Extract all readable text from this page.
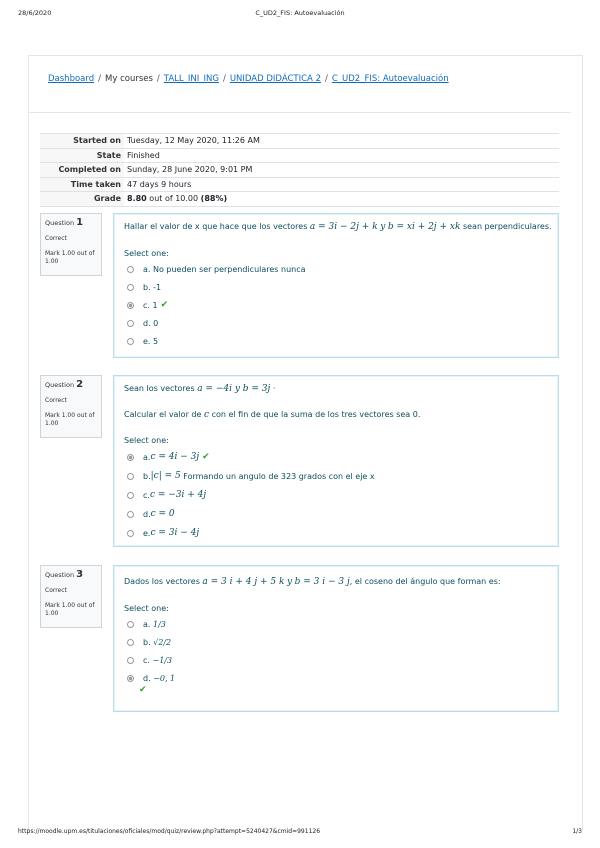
28/6/2020	C_UD2_FIS: Autoevaluación
Dashboard / My courses / TALL_INI_ING / UNIDAD DIDÁCTICA 2 / C_UD2_FIS: Autoevaluación
Started on	Tuesday, 12 May 2020, 11:26 AM
State	Finished
Completed on	Sunday, 28 June 2020, 9:01 PM
Time taken	47 days 9 hours
Grade	8.80 out of 10.00 (88%)
Question 1
Correct
Mark 1.00 out of 1.00
Hallar el valor de x que hace que los vectores a = 3i − 2j + k y b = xi + 2j + xk sean perpendiculares.
Select one:
a. No pueden ser perpendiculares nunca
b. -1
c. 1 ✔
d. 0
e. 5
Question 2
Correct
Mark 1.00 out of 1.00
Sean los vectores a = −4i y b = 3j ·
Calcular el valor de c con el fin de que la suma de los tres vectores sea 0.
Select one:
a. c = 4i − 3j ✔
b. |c| = 5
Formando un angulo de 323 grados con el eje x
c. c = −3i + 4j
d. c = 0
e. c = 3i − 4j
Question 3
Correct
Mark 1.00 out of 1.00
Dados los vectores a = 3 i + 4 j + 5 k y b = 3 i − 3 j, el coseno del ángulo que forman es:
Select one:
a.
1/3
b.
√2/2
c.
−1/3
d.
−0, 1
✔
https://moodle.upm.es/titulaciones/oficiales/mod/quiz/review.php?attempt=5240427&cmid=991126	1/3
